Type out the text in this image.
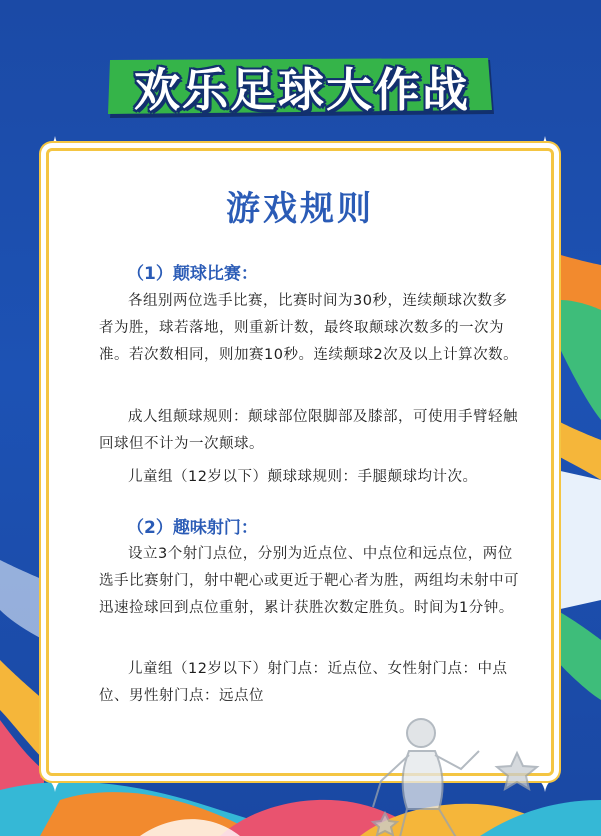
欢乐足球大作战
游戏规则
（1）颠球比赛：
各组别两位选手比赛，比赛时间为30秒，连续颠球次数多者为胜，球若落地，则重新计数，最终取颠球次数多的一次为准。若次数相同，则加赛10秒。连续颠球2次及以上计算次数。
成人组颠球规则：颠球部位限脚部及膝部，可使用手臂轻触回球但不计为一次颠球。
儿童组（12岁以下）颠球球规则：手腿颠球均计次。
（2）趣味射门：
设立3个射门点位，分别为近点位、中点位和远点位，两位选手比赛射门，射中靶心或更近于靶心者为胜，两组均未射中可迅速捡球回到点位重射，累计获胜次数定胜负。时间为1分钟。
儿童组（12岁以下）射门点：近点位、女性射门点：中点位、男性射门点：远点位
